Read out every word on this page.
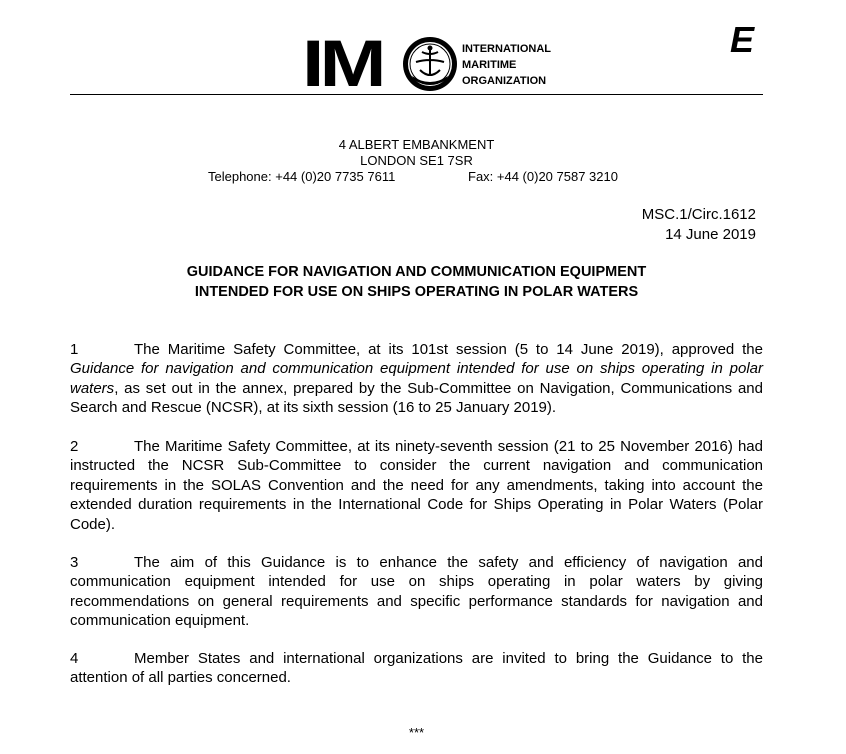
IM	INTERNATIONAL
MARITIME
ORGANIZATION
E
4 ALBERT EMBANKMENT
LONDON SE1 7SR
Telephone: +44 (0)20 7735 7611	Fax: +44 (0)20 7587 3210
MSC.1/Circ.1612
14 June 2019
GUIDANCE FOR NAVIGATION AND COMMUNICATION EQUIPMENT
INTENDED FOR USE ON SHIPS OPERATING IN POLAR WATERS
1	The Maritime Safety Committee, at its 101st session (5 to 14 June 2019), approved the Guidance for navigation and communication equipment intended for use on ships operating in polar waters, as set out in the annex, prepared by the Sub-Committee on Navigation, Communications and Search and Rescue (NCSR), at its sixth session (16 to 25 January 2019).
2	The Maritime Safety Committee, at its ninety-seventh session (21 to 25 November 2016) had instructed the NCSR Sub-Committee to consider the current navigation and communication requirements in the SOLAS Convention and the need for any amendments, taking into account the extended duration requirements in the International Code for Ships Operating in Polar Waters (Polar Code).
3	The aim of this Guidance is to enhance the safety and efficiency of navigation and communication equipment intended for use on ships operating in polar waters by giving recommendations on general requirements and specific performance standards for navigation and communication equipment.
4	Member States and international organizations are invited to bring the Guidance to the attention of all parties concerned.
***
